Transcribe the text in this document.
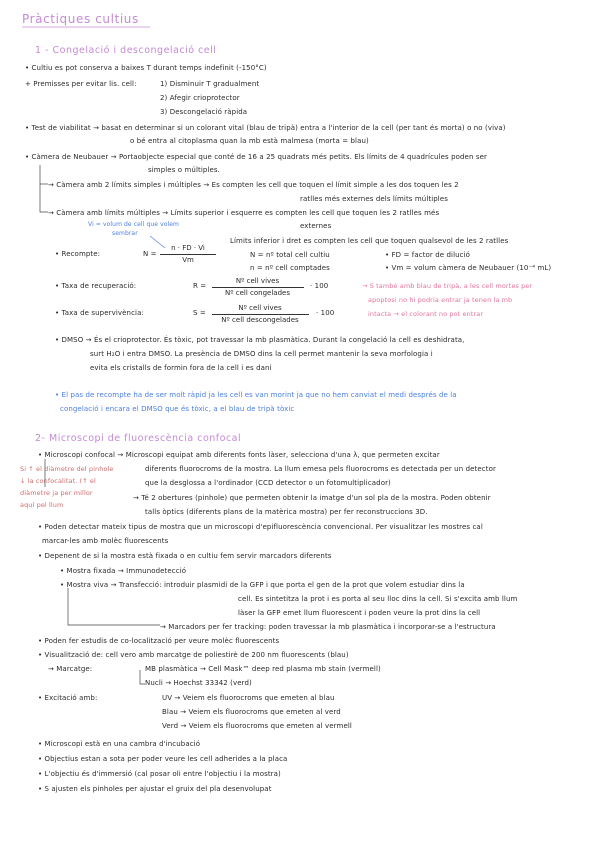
Pràctiques cultius
1 - Congelació i descongelació cell
• Cultiu es pot conserva a baixes T durant temps indefinit (-150°C)
+ Premisses per evitar lis. cell:	1) Disminuir T gradualment
2) Afegir crioprotector
3) Descongelació ràpida
• Test de viabilitat → basat en determinar si un colorant vital (blau de tripà) entra a l'interior de la cell (per tant és morta) o no (viva)
o bé entra al citoplasma quan la mb està malmesa (morta = blau)
• Càmera de Neubauer → Portaobjecte especial que conté de 16 a 25 quadrats més petits. Els límits de 4 quadrícules poden ser
simples o múltiples.
→ Càmera amb 2 límits simples i múltiples → Es compten les cell que toquen el límit simple a les dos toquen les 2
ratlles més externes dels límits múltiples
→ Càmera amb límits múltiples → Límits superior i esquerre es compten les cell que toquen les 2 ratlles més
externes
Vi = volum de cell que volem
sembrar
Límits inferior i dret es compten les cell que toquen qualsevol de les 2 ratlles
• Recompte:	N =
n · FD · Vi
Vm
N = nº total cell cultiu
n = nº cell comptades
• FD = factor de dilució
• Vm = volum càmera de Neubauer (10⁻⁴ mL)
• Taxa de recuperació:	R =
Nº cell vives
Nº cell congelades
· 100	→ S també amb blau de tripà, a les cell mortes per
apoptosi no hi podria entrar ja tenen la mb
intacta → el colorant no pot entrar
• Taxa de supervivència:	S =
Nº cell vives
Nº cell descongelades
· 100
• DMSO → És el crioprotector. És tòxic, pot travessar la mb plasmàtica. Durant la congelació la cell es deshidrata,
surt H₂O i entra DMSO. La presència de DMSO dins la cell permet mantenir la seva morfologia i
evita els cristalls de formin fora de la cell i es dani
• El pas de recompte ha de ser molt ràpid ja les cell es van morint ja que no hem canviat el medi després de la
congelació i encara el DMSO que és tòxic, a el blau de tripà tòxic
2- Microscopi de fluorescència confocal
Si ↑ el diàmetre del pinhole
↓ la confocalitat. (↑ el
diàmetre ja per millor
aquí pel llum
• Microscopi confocal → Microscopi equipat amb diferents fonts làser, selecciona d'una λ, que permeten excitar
diferents fluorocroms de la mostra. La llum emesa pels fluorocroms es detectada per un detector
que la desglossa a l'ordinador (CCD detector o un fotomultiplicador)
→ Té 2 obertures (pinhole) que permeten obtenir la imatge d'un sol pla de la mostra. Poden obtenir
talls òptics (diferents plans de la matèrica mostra) per fer reconstruccions 3D.
• Poden detectar mateix tipus de mostra que un microscopi d'epifluorescència convencional. Per visualitzar les mostres cal
marcar-les amb molèc fluorescents
• Depenent de si la mostra està fixada o en cultiu fem servir marcadors diferents
• Mostra fixada → Immunodetecció
• Mostra viva → Transfecció: introduir plasmidi de la GFP i que porta el gen de la prot que volem estudiar dins la
cell. Es sintetitza la prot i es porta al seu lloc dins la cell. Si s'excita amb llum
làser la GFP emet llum fluorescent i poden veure la prot dins la cell
→ Marcadors per fer tracking: poden travessar la mb plasmàtica i incorporar-se a l'estructura
• Poden fer estudis de co-localització per veure molèc fluorescents
• Visualització de: cell vero amb marcatge de poliestirè de 200 nm fluorescents (blau)
→ Marcatge:	MB plasmàtica → Cell Mask™ deep red plasma mb stain (vermell)
Nucli → Hoechst 33342 (verd)
• Excitació amb:	UV → Veiem els fluorocroms que emeten al blau
Blau → Veiem els fluorocroms que emeten al verd
Verd → Veiem els fluorocroms que emeten al vermell
• Microscopi està en una cambra d'incubació
• Objectius estan a sota per poder veure les cell adherides a la placa
• L'objectiu és d'immersió (cal posar oli entre l'objectiu i la mostra)
• S ajusten els pinholes per ajustar el gruix del pla desenvolupat
